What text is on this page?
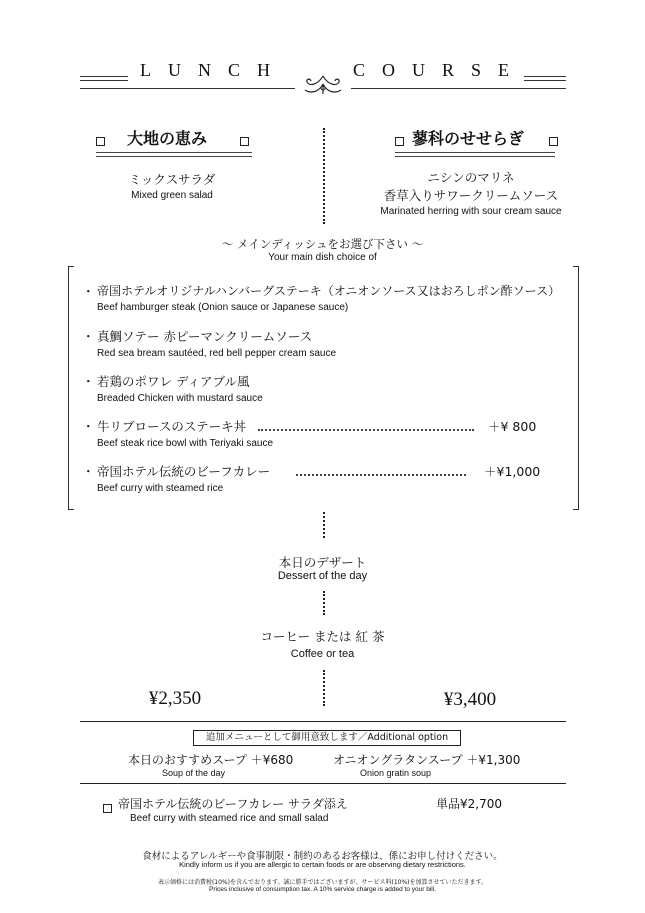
LUNCH	COURSE
大地の恵み	蓼科のせせらぎ
ミックスサラダ
Mixed green salad
ニシンのマリネ
香草入りサワークリームソース
Marinated herring with sour cream sauce
～ メインディッシュをお選び下さい ～
Your main dish choice of
・ 帝国ホテルオリジナルハンバーグステーキ（オニオンソース又はおろしポン酢ソース）
Beef hamburger steak (Onion sauce or Japanese sauce)
・ 真鯛ソテー 赤ピーマンクリームソース
Red sea bream sautéed, red bell pepper cream sauce
・ 若鶏のポワレ ディアブル風
Breaded Chicken with mustard sauce
・ 牛リブロースのステーキ丼	＋¥ 800
Beef steak rice bowl with Teriyaki sauce
・ 帝国ホテル伝統のビーフカレー	＋¥1,000
Beef curry with steamed rice
本日のデザート
Dessert of the day
コーヒー または 紅 茶
Coffee or tea
¥2,350	¥3,400
追加メニューとして御用意致します／Additional option
本日のおすすめスープ ＋¥680
Soup of the day
オニオングラタンスープ ＋¥1,300
Onion gratin soup
帝国ホテル伝統のビーフカレー サラダ添え	単品¥2,700
Beef curry with steamed rice and small salad
食材によるアレルギーや食事制限・制約のあるお客様は、係にお申し付けください。
Kindly inform us if you are allergic to certain foods or are observing dietary restrictions.
表示価格には消費税(10%)を含んでおります。誠に勝手ではございますが、サービス料(10%)を加算させていただきます。
Prices inclusive of consumption tax. A 10% service charge is added to your bill.
